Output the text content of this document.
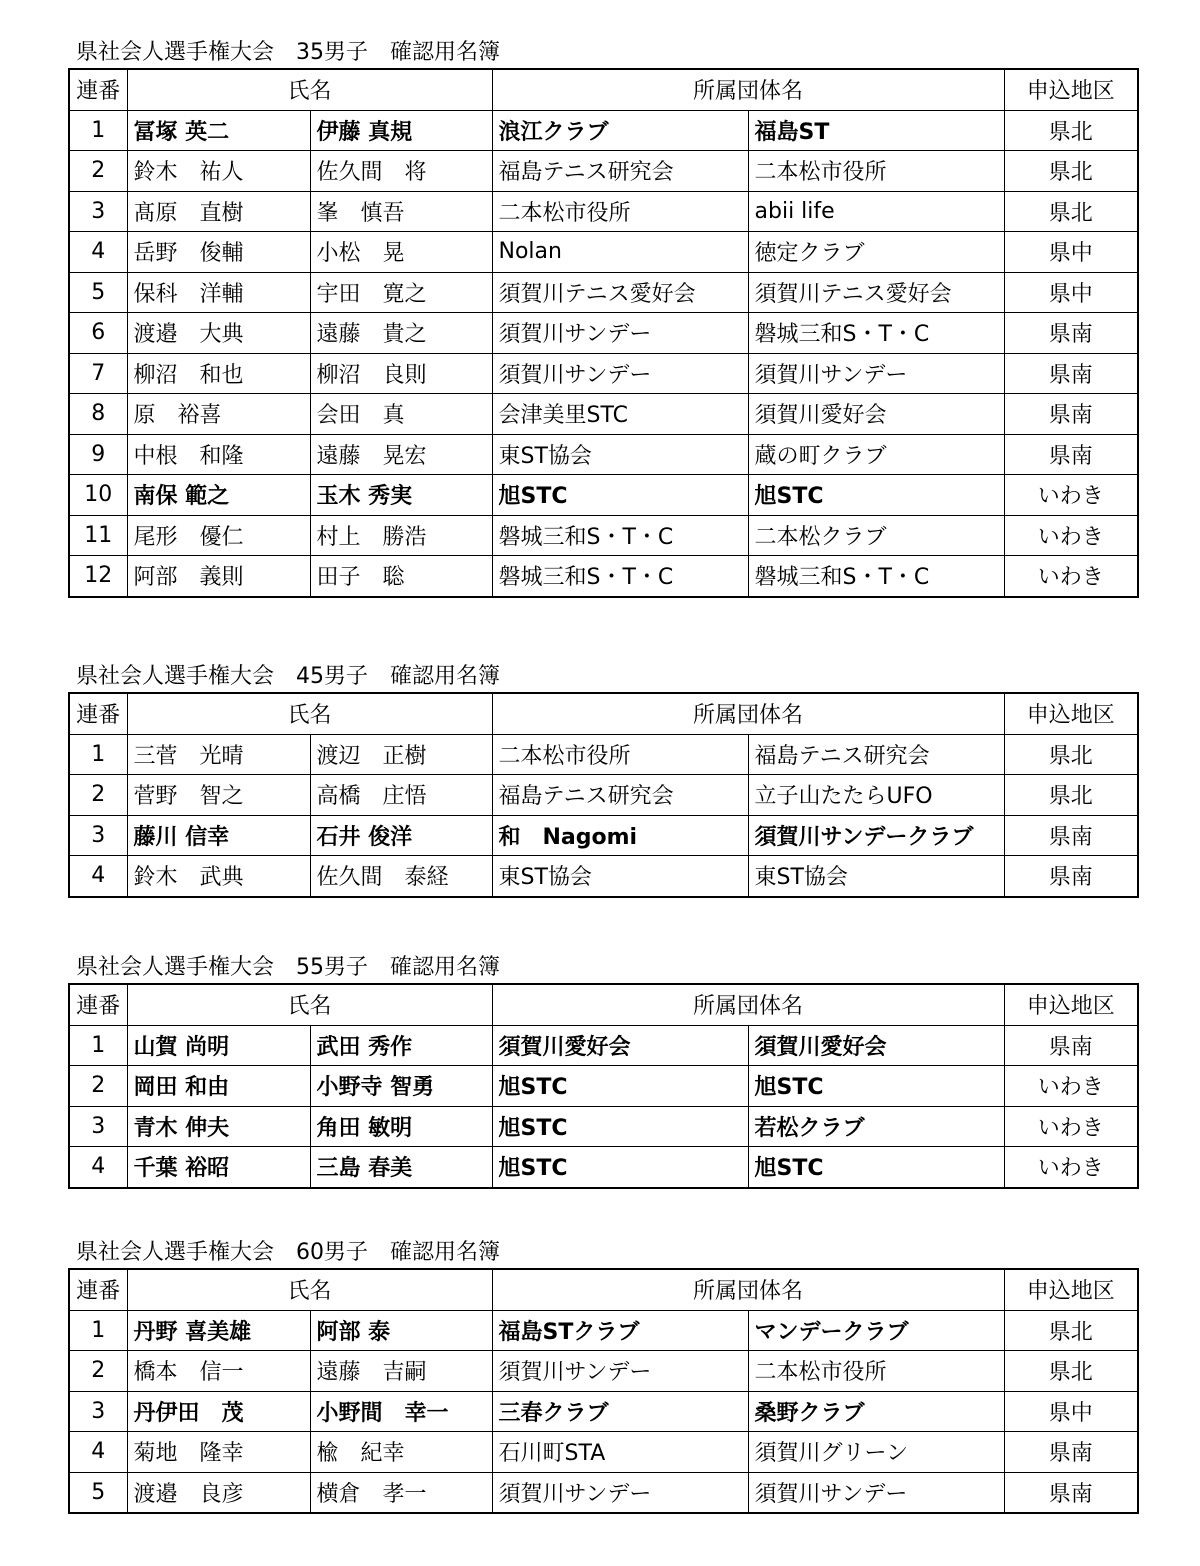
県社会人選手権大会　35男子　確認用名簿
連番	氏名		所属団体名		申込地区
1	冨塚 英二	伊藤 真規	浪江クラブ	福島ST	県北
2	鈴木　祐人	佐久間　将	福島テニス研究会	二本松市役所	県北
3	髙原　直樹	峯　慎吾	二本松市役所	abii life	県北
4	岳野　俊輔	小松　晃	Nolan	徳定クラブ	県中
5	保科　洋輔	宇田　寛之	須賀川テニス愛好会	須賀川テニス愛好会	県中
6	渡邉　大典	遠藤　貴之	須賀川サンデー	磐城三和S・T・C	県南
7	柳沼　和也	柳沼　良則	須賀川サンデー	須賀川サンデー	県南
8	原　裕喜	会田　真	会津美里STC	須賀川愛好会	県南
9	中根　和隆	遠藤　晃宏	東ST協会	蔵の町クラブ	県南
10	南保 範之	玉木 秀実	旭STC	旭STC	いわき
11	尾形　優仁	村上　勝浩	磐城三和S・T・C	二本松クラブ	いわき
12	阿部　義則	田子　聡	磐城三和S・T・C	磐城三和S・T・C	いわき
県社会人選手権大会　45男子　確認用名簿
連番	氏名		所属団体名		申込地区
1	三菅　光晴	渡辺　正樹	二本松市役所	福島テニス研究会	県北
2	菅野　智之	高橋　庄悟	福島テニス研究会	立子山たたらUFO	県北
3	藤川 信幸	石井 俊洋	和　Nagomi	須賀川サンデークラブ	県南
4	鈴木　武典	佐久間　泰経	東ST協会	東ST協会	県南
県社会人選手権大会　55男子　確認用名簿
連番	氏名		所属団体名		申込地区
1	山賀 尚明	武田 秀作	須賀川愛好会	須賀川愛好会	県南
2	岡田 和由	小野寺 智勇	旭STC	旭STC	いわき
3	青木 伸夫	角田 敏明	旭STC	若松クラブ	いわき
4	千葉 裕昭	三島 春美	旭STC	旭STC	いわき
県社会人選手権大会　60男子　確認用名簿
連番	氏名		所属団体名		申込地区
1	丹野 喜美雄	阿部 泰	福島STクラブ	マンデークラブ	県北
2	橋本　信一	遠藤　吉嗣	須賀川サンデー	二本松市役所	県北
3	丹伊田　茂	小野間　幸一	三春クラブ	桑野クラブ	県中
4	菊地　隆幸	楡　紀幸	石川町STA	須賀川グリーン	県南
5	渡邉　良彦	横倉　孝一	須賀川サンデー	須賀川サンデー	県南
